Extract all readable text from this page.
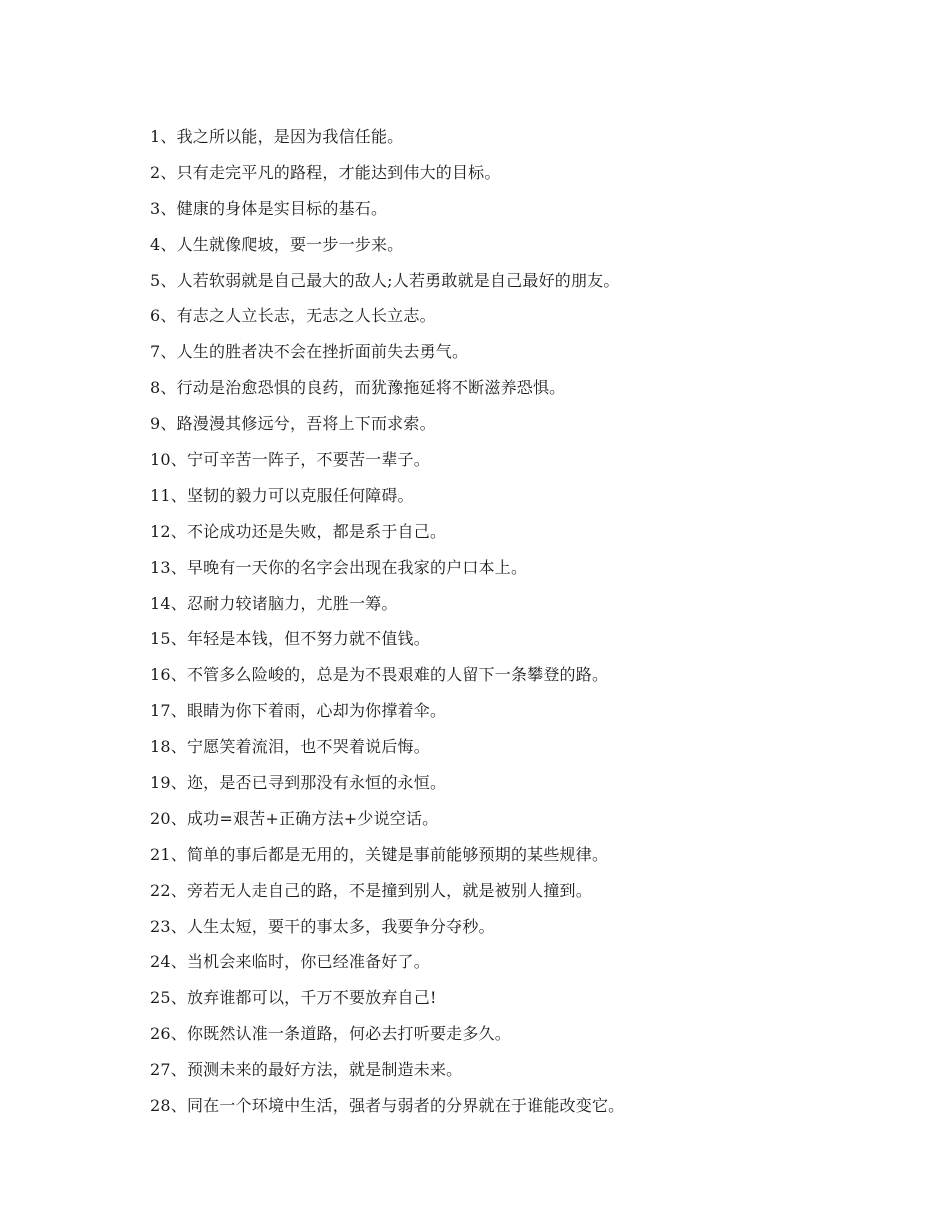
1、我之所以能，是因为我信任能。
2、只有走完平凡的路程，才能达到伟大的目标。
3、健康的身体是实目标的基石。
4、人生就像爬坡，要一步一步来。
5、人若软弱就是自己最大的敌人;人若勇敢就是自己最好的朋友。
6、有志之人立长志，无志之人长立志。
7、人生的胜者决不会在挫折面前失去勇气。
8、行动是治愈恐惧的良药，而犹豫拖延将不断滋养恐惧。
9、路漫漫其修远兮，吾将上下而求索。
10、宁可辛苦一阵子，不要苦一辈子。
11、坚韧的毅力可以克服任何障碍。
12、不论成功还是失败，都是系于自己。
13、早晚有一天你的名字会出现在我家的户口本上。
14、忍耐力较诸脑力，尤胜一筹。
15、年轻是本钱，但不努力就不值钱。
16、不管多么险峻的，总是为不畏艰难的人留下一条攀登的路。
17、眼睛为你下着雨，心却为你撑着伞。
18、宁愿笑着流泪，也不哭着说后悔。
19、迩，是否已寻到那没有永恒的永恒。
20、成功=艰苦+正确方法+少说空话。
21、简单的事后都是无用的，关键是事前能够预期的某些规律。
22、旁若无人走自己的路，不是撞到别人，就是被别人撞到。
23、人生太短，要干的事太多，我要争分夺秒。
24、当机会来临时，你已经准备好了。
25、放弃谁都可以，千万不要放弃自己!
26、你既然认准一条道路，何必去打听要走多久。
27、预测未来的最好方法，就是制造未来。
28、同在一个环境中生活，强者与弱者的分界就在于谁能改变它。
